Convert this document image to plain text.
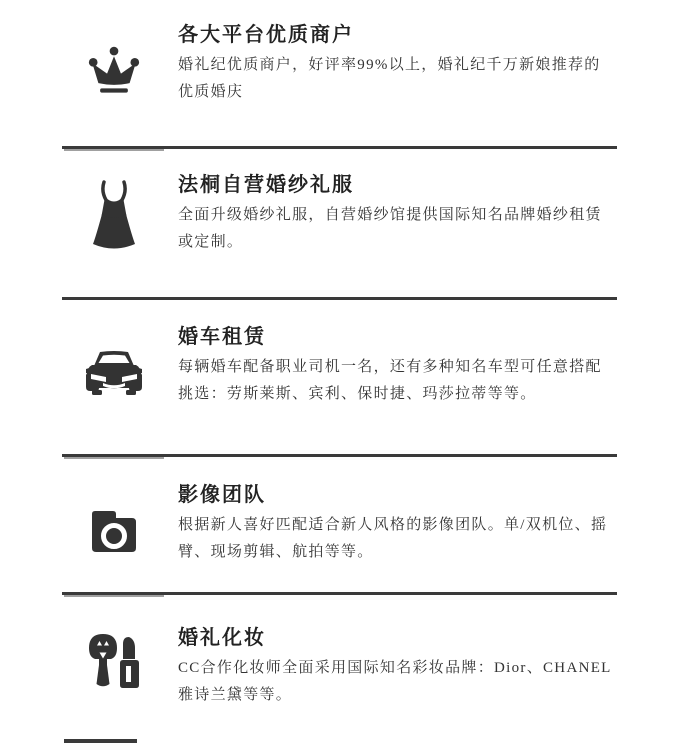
各大平台优质商户

婚礼纪优质商户，好评率99%以上，婚礼纪千万新娘推荐的

优质婚庆

法桐自营婚纱礼服

全面升级婚纱礼服，自营婚纱馆提供国际知名品牌婚纱租赁

或定制。

婚车租赁

每辆婚车配备职业司机一名，还有多种知名车型可任意搭配

挑选：劳斯莱斯、宾利、保时捷、玛莎拉蒂等等。

影像团队

根据新人喜好匹配适合新人风格的影像团队。单/双机位、摇

臂、现场剪辑、航拍等等。

婚礼化妆

CC合作化妆师全面采用国际知名彩妆品牌：Dior、CHANEL

雅诗兰黛等等。
